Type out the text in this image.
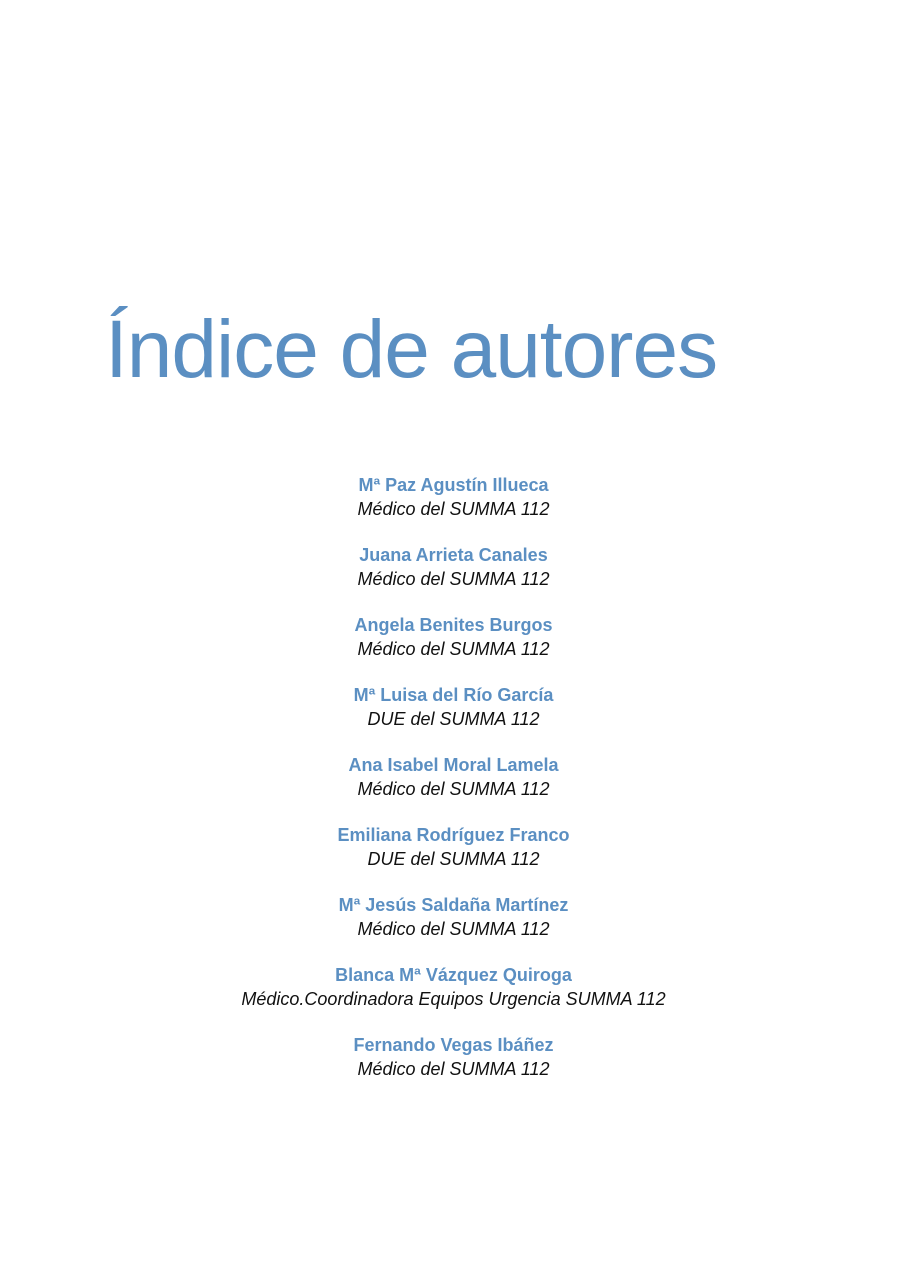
Índice de autores
Mª Paz Agustín Illueca
Médico del SUMMA 112
Juana Arrieta Canales
Médico del SUMMA 112
Angela Benites Burgos
Médico del SUMMA 112
Mª Luisa del Río García
DUE del SUMMA 112
Ana Isabel Moral Lamela
Médico del SUMMA 112
Emiliana Rodríguez Franco
DUE del SUMMA 112
Mª Jesús Saldaña Martínez
Médico del SUMMA 112
Blanca Mª Vázquez Quiroga
Médico.Coordinadora Equipos Urgencia SUMMA 112
Fernando Vegas Ibáñez
Médico del SUMMA 112
